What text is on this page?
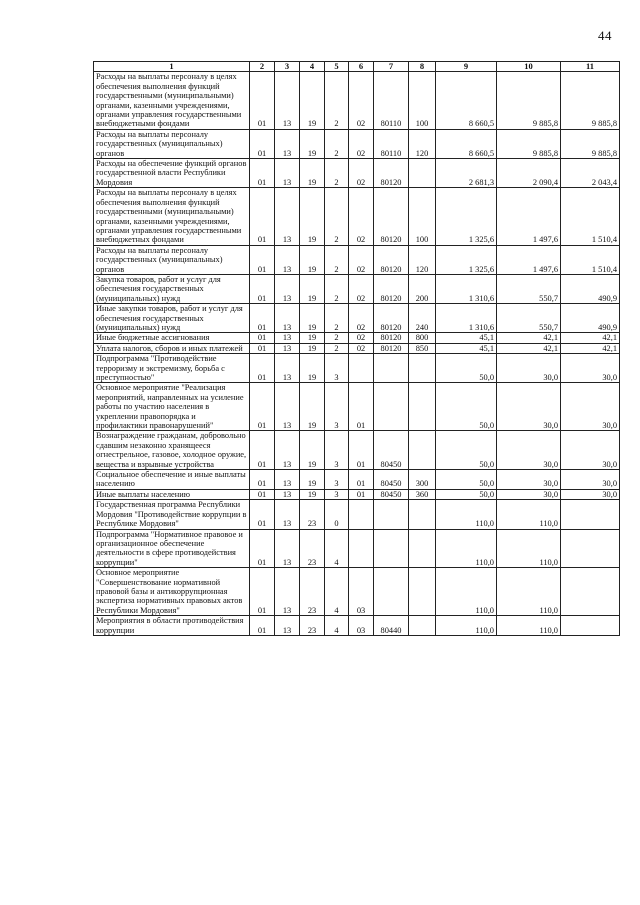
44
1	2	3	4	5	6	7	8	9	10	11
Расходы на выплаты персоналу в целях обеспечения выполнения функций государственными (муниципальными) органами, казенными учреждениями, органами управления государственными внебюджетными фондами	01	13	19	2	02	80110	100	8 660,5	9 885,8	9 885,8
Расходы на выплаты персоналу государственных (муниципальных) органов	01	13	19	2	02	80110	120	8 660,5	9 885,8	9 885,8
Расходы на обеспечение функций органов государственной власти Республики Мордовия	01	13	19	2	02	80120		2 681,3	2 090,4	2 043,4
Расходы на выплаты персоналу в целях обеспечения выполнения функций государственными (муниципальными) органами, казенными учреждениями, органами управления государственными внебюджетных фондами	01	13	19	2	02	80120	100	1 325,6	1 497,6	1 510,4
Расходы на выплаты персоналу государственных (муниципальных) органов	01	13	19	2	02	80120	120	1 325,6	1 497,6	1 510,4
Закупка товаров, работ и услуг для обеспечения государственных (муниципальных) нужд	01	13	19	2	02	80120	200	1 310,6	550,7	490,9
Иные закупки товаров, работ и услуг для обеспечения государственных (муниципальных) нужд	01	13	19	2	02	80120	240	1 310,6	550,7	490,9
Иные бюджетные ассигнования	01	13	19	2	02	80120	800	45,1	42,1	42,1
Уплата налогов, сборов и иных платежей	01	13	19	2	02	80120	850	45,1	42,1	42,1
Подпрограмма "Противодействие терроризму и экстремизму, борьба с преступностью"	01	13	19	3				50,0	30,0	30,0
Основное мероприятие "Реализация мероприятий, направленных на усиление работы по участию населения в укреплении правопорядка и профилактики правонарушений"	01	13	19	3	01			50,0	30,0	30,0
Вознаграждение гражданам, добровольно сдавшим незаконно хранящееся огнестрельное, газовое, холодное оружие, вещества и взрывные устройства	01	13	19	3	01	80450		50,0	30,0	30,0
Социальное обеспечение и иные выплаты населению	01	13	19	3	01	80450	300	50,0	30,0	30,0
Иные выплаты населению	01	13	19	3	01	80450	360	50,0	30,0	30,0
Государственная программа Республики Мордовия "Противодействие коррупции в Республике Мордовия"	01	13	23	0				110,0	110,0	
Подпрограмма "Нормативное правовое и организационное обеспечение деятельности в сфере противодействия коррупции"	01	13	23	4				110,0	110,0	
Основное мероприятие "Совершенствование нормативной правовой базы и антикоррупционная экспертиза нормативных правовых актов Республики Мордовия"	01	13	23	4	03			110,0	110,0	
Мероприятия в области противодействия коррупции	01	13	23	4	03	80440		110,0	110,0	
